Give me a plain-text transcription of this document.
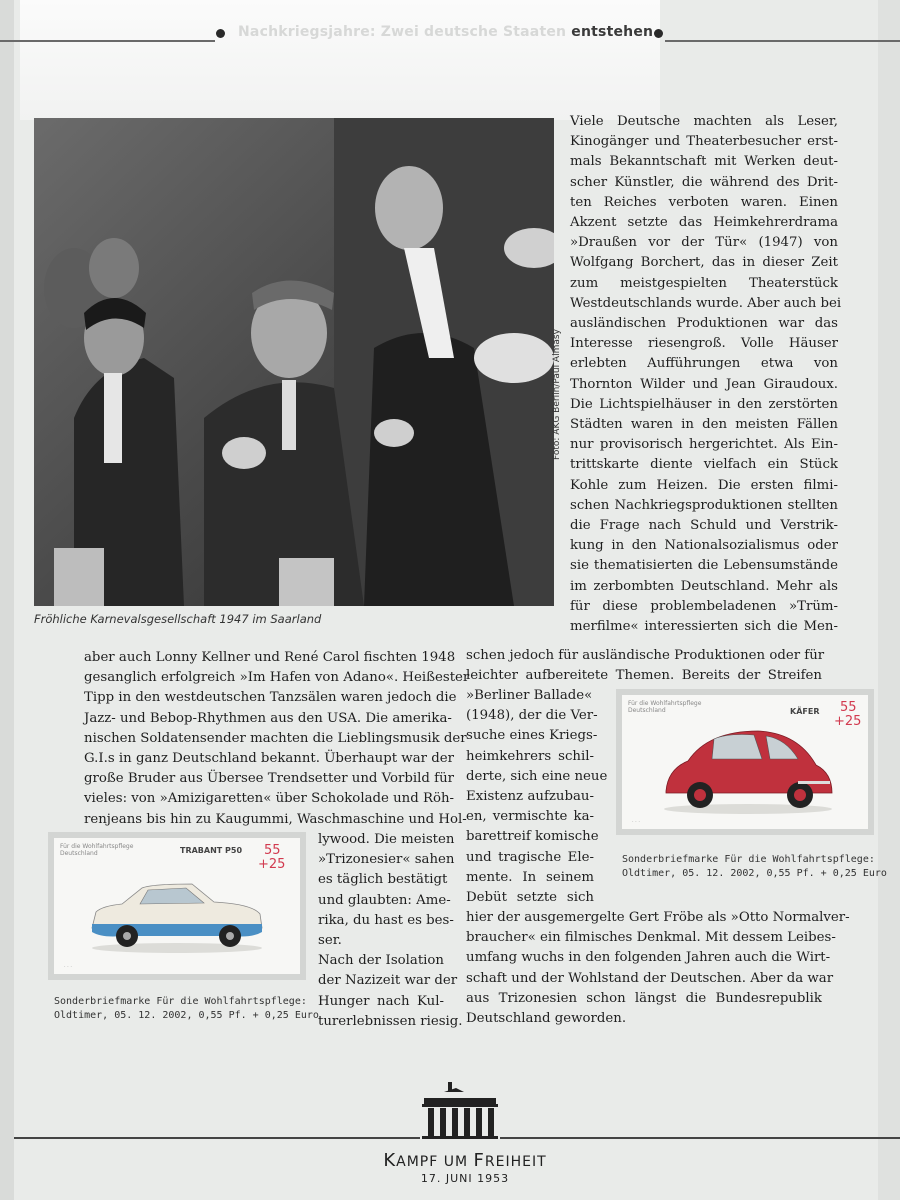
Nachkriegsjahre: Zwei deutsche Staaten entstehen
Foto: AKG Berlin/Paul Almasy
Fröhliche Karnevalsgesellschaft 1947 im Saarland
Viele Deutsche machten als Leser,
Kinogänger und Theaterbesucher erst-
mals Bekanntschaft mit Werken deut-
scher Künstler, die während des Drit-
ten Reiches verboten waren. Einen
Akzent setzte das Heimkehrerdrama
»Draußen vor der Tür« (1947) von
Wolfgang Borchert, das in dieser Zeit
zum meistgespielten Theaterstück
Westdeutschlands wurde. Aber auch bei
ausländischen Produktionen war das
Interesse riesengroß. Volle Häuser
erlebten Aufführungen etwa von
Thornton Wilder und Jean Giraudoux.
Die Lichtspielhäuser in den zerstörten
Städten waren in den meisten Fällen
nur provisorisch hergerichtet. Als Ein-
trittskarte diente vielfach ein Stück
Kohle zum Heizen. Die ersten filmi-
schen Nachkriegsproduktionen stellten
die Frage nach Schuld und Verstrik-
kung in den Nationalsozialismus oder
sie thematisierten die Lebensumstände
im zerbombten Deutschland. Mehr als
für diese problembeladenen »Trüm-
merfilme« interessierten sich die Men-
schen jedoch für ausländische Produktionen oder für
leichter aufbereitete Themen. Bereits der Streifen
aber auch Lonny Kellner und René Carol fischten 1948
gesanglich erfolgreich »Im Hafen von Adano«. Heißester
Tipp in den westdeutschen Tanzsälen waren jedoch die
Jazz- und Bebop-Rhythmen aus den USA. Die amerika-
nischen Soldatensender machten die Lieblingsmusik der
G.I.s in ganz Deutschland bekannt. Überhaupt war der
große Bruder aus Übersee Trendsetter und Vorbild für
vieles: von »Amizigaretten« über Schokolade und Röh-
renjeans bis hin zu Kaugummi, Waschmaschine und Hol-
lywood. Die meisten
»Trizonesier« sahen
es täglich bestätigt
und glaubten: Ame-
rika, du hast es bes-
ser.
Nach der Isolation
der Nazizeit war der
Hunger nach Kul-
turerlebnissen riesig.
»Berliner Ballade«
(1948), der die Ver-
suche eines Kriegs-
heimkehrers schil-
derte, sich eine neue
Existenz aufzubau-
en, vermischte ka-
barettreif komische
und tragische Ele-
mente. In seinem
Debüt setzte sich
hier der ausgemergelte Gert Fröbe als »Otto Normalver-
braucher« ein filmisches Denkmal. Mit dessem Leibes-
umfang wuchs in den folgenden Jahren auch die Wirt-
schaft und der Wohlstand der Deutschen. Aber da war
aus Trizonesien schon längst die Bundesrepublik
Deutschland geworden.
Für die Wohlfahrtspflege Deutschland	TRABANT P50 55
+25
· · ·
Sonderbriefmarke Für die Wohlfahrtspflege:
Oldtimer, 05. 12. 2002, 0,55 Pf. + 0,25 Euro
Für die Wohlfahrtspflege Deutschland	KÄFER 55
+25
· · ·
Sonderbriefmarke Für die Wohlfahrtspflege:
Oldtimer, 05. 12. 2002, 0,55 Pf. + 0,25 Euro
KAMPF UM FREIHEIT
17. JUNI 1953
